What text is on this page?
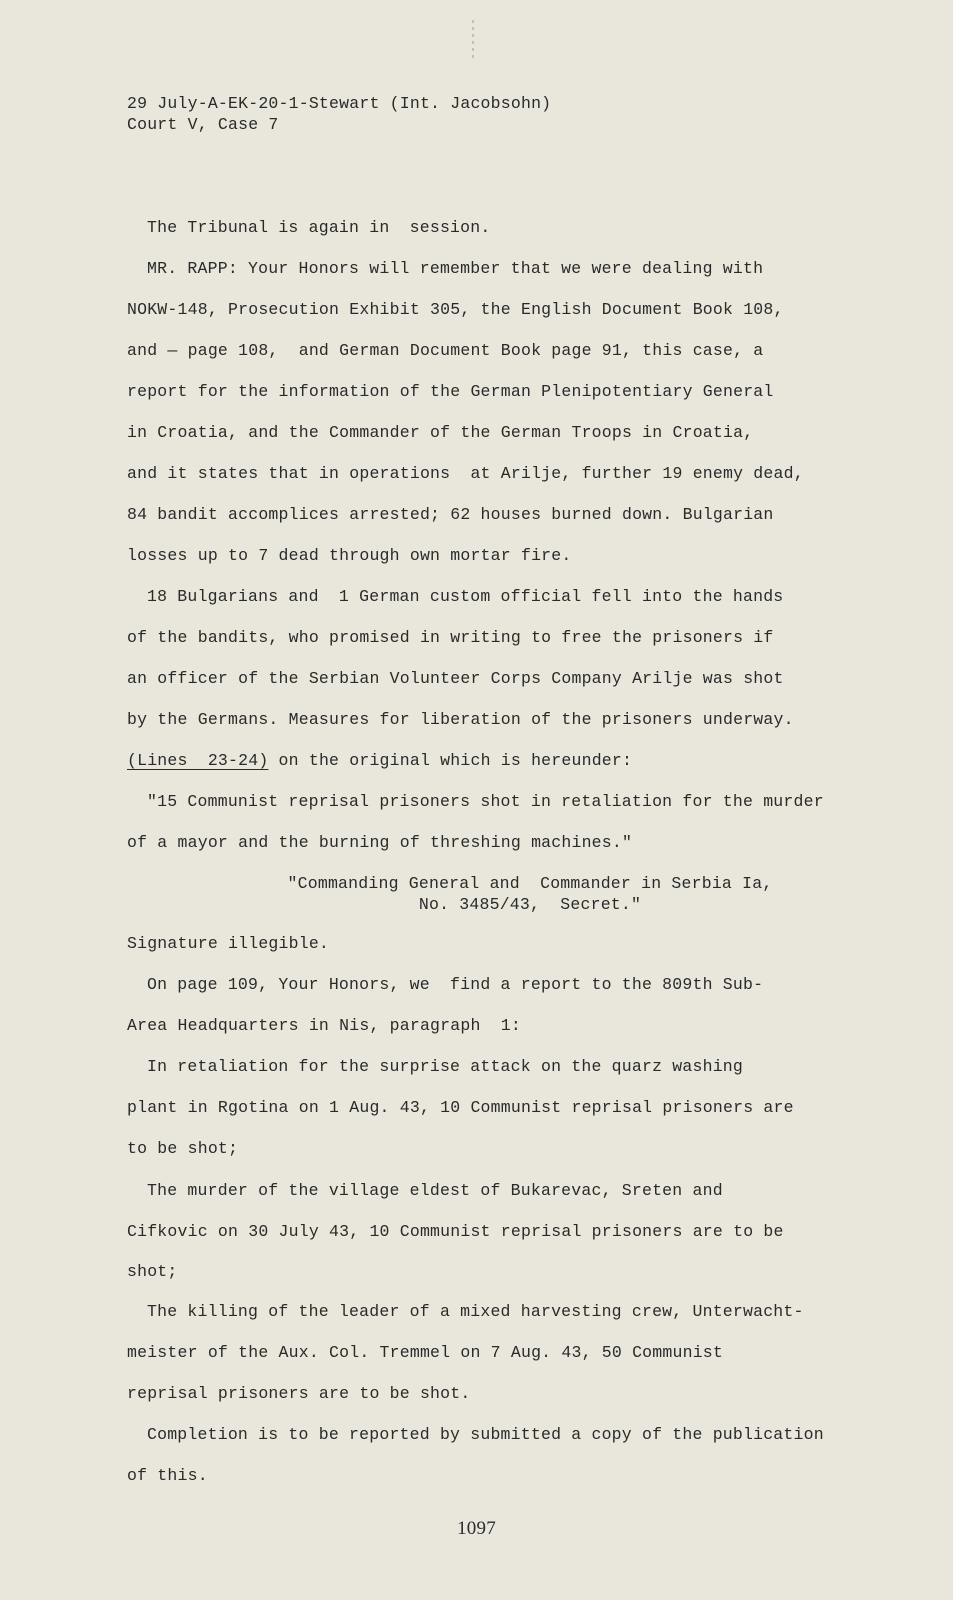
29 July-A-EK-20-1-Stewart (Int. Jacobsohn)
Court V, Case 7
The Tribunal is again in  session.
MR. RAPP: Your Honors will remember that we were dealing with
NOKW-148, Prosecution Exhibit 305, the English Document Book 108,
and — page 108,  and German Document Book page 91, this case, a
report for the information of the German Plenipotentiary General
in Croatia, and the Commander of the German Troops in Croatia,
and it states that in operations  at Arilje, further 19 enemy dead,
84 bandit accomplices arrested; 62 houses burned down. Bulgarian
losses up to 7 dead through own mortar fire.
18 Bulgarians and  1 German custom official fell into the hands
of the bandits, who promised in writing to free the prisoners if
an officer of the Serbian Volunteer Corps Company Arilje was shot
by the Germans. Measures for liberation of the prisoners underway.
(Lines  23-24) on the original which is hereunder:
"15 Communist reprisal prisoners shot in retaliation for the murder
of a mayor and the burning of threshing machines."
"Commanding General and  Commander in Serbia Ia,
No. 3485/43,  Secret."
Signature illegible.
On page 109, Your Honors, we  find a report to the 809th Sub-
Area Headquarters in Nis, paragraph  1:
In retaliation for the surprise attack on the quarz washing
plant in Rgotina on 1 Aug. 43, 10 Communist reprisal prisoners are
to be shot;
The murder of the village eldest of Bukarevac, Sreten and
Cifkovic on 30 July 43, 10 Communist reprisal prisoners are to be
shot;
The killing of the leader of a mixed harvesting crew, Unterwacht-
meister of the Aux. Col. Tremmel on 7 Aug. 43, 50 Communist
reprisal prisoners are to be shot.
Completion is to be reported by submitted a copy of the publication
of this.
1097
